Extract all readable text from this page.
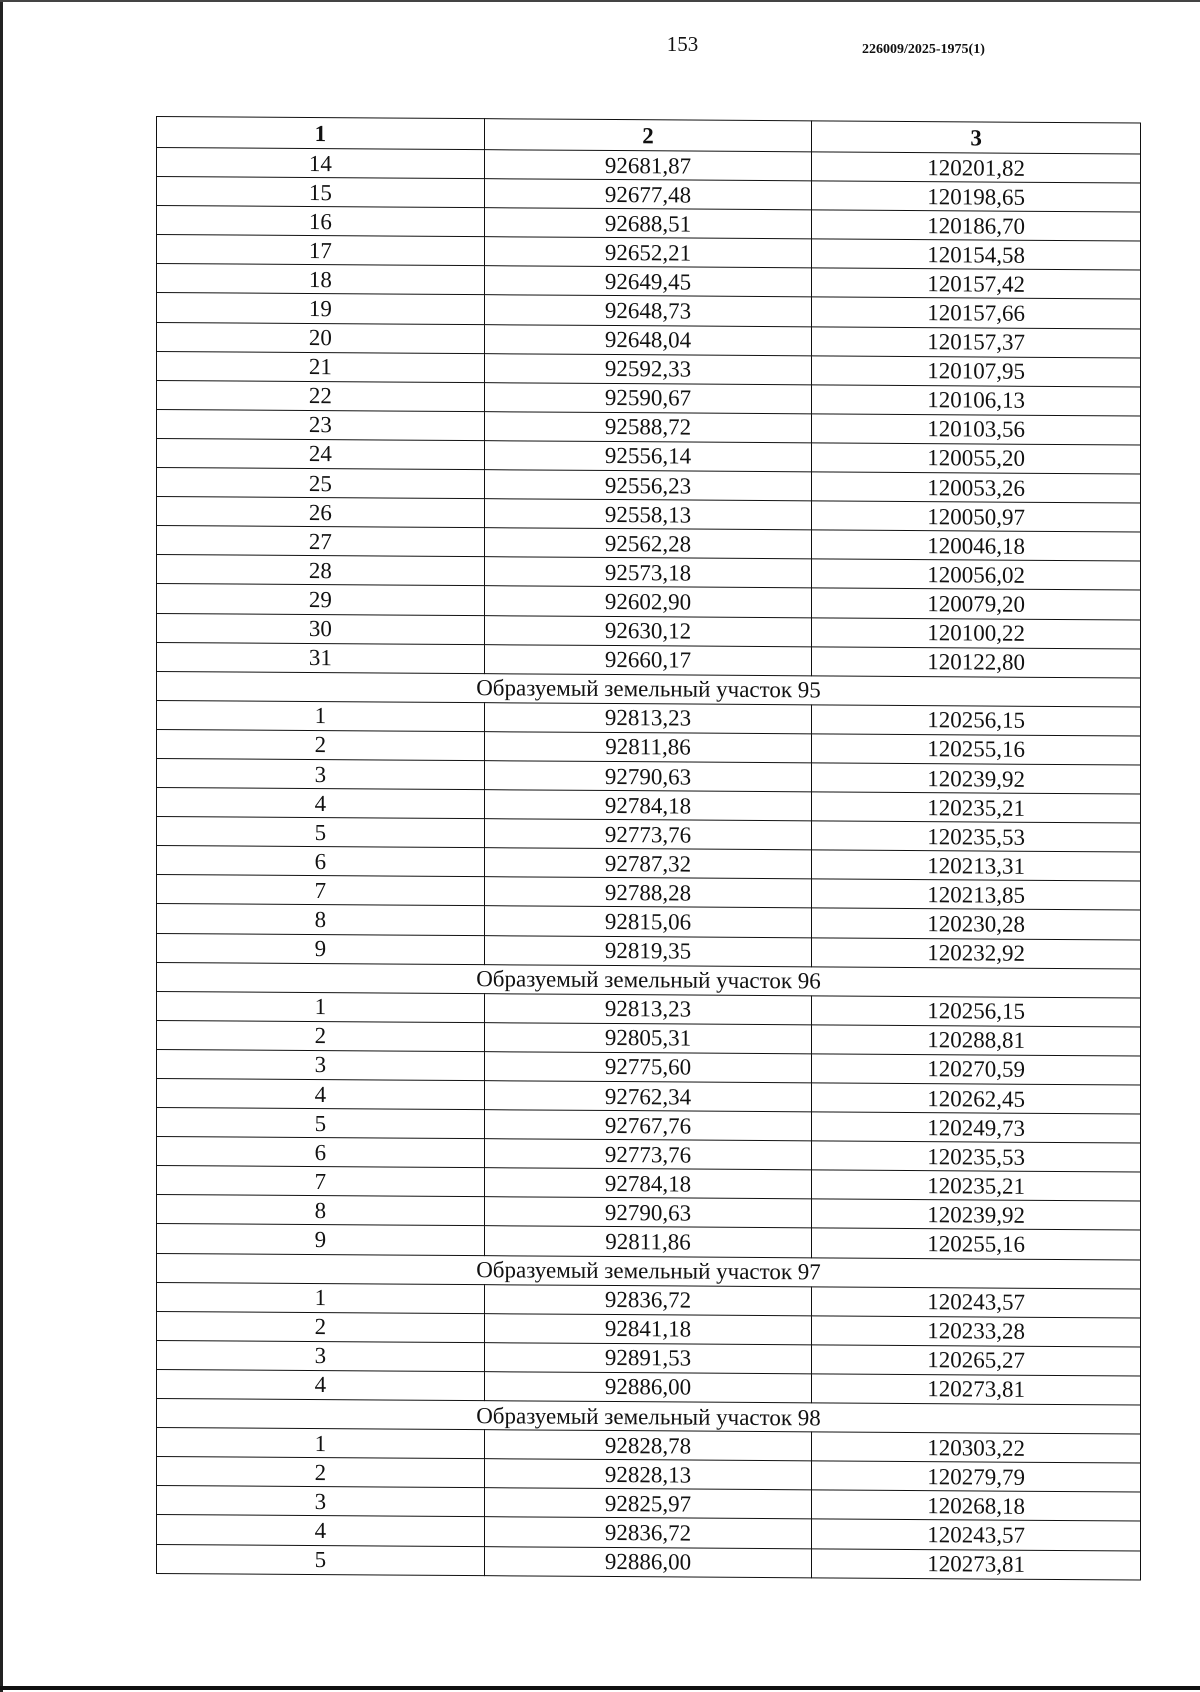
153	226009/2025-1975(1)
1	2	3
14	92681,87	120201,82
15	92677,48	120198,65
16	92688,51	120186,70
17	92652,21	120154,58
18	92649,45	120157,42
19	92648,73	120157,66
20	92648,04	120157,37
21	92592,33	120107,95
22	92590,67	120106,13
23	92588,72	120103,56
24	92556,14	120055,20
25	92556,23	120053,26
26	92558,13	120050,97
27	92562,28	120046,18
28	92573,18	120056,02
29	92602,90	120079,20
30	92630,12	120100,22
31	92660,17	120122,80
Образуемый земельный участок 95		
1	92813,23	120256,15
2	92811,86	120255,16
3	92790,63	120239,92
4	92784,18	120235,21
5	92773,76	120235,53
6	92787,32	120213,31
7	92788,28	120213,85
8	92815,06	120230,28
9	92819,35	120232,92
Образуемый земельный участок 96		
1	92813,23	120256,15
2	92805,31	120288,81
3	92775,60	120270,59
4	92762,34	120262,45
5	92767,76	120249,73
6	92773,76	120235,53
7	92784,18	120235,21
8	92790,63	120239,92
9	92811,86	120255,16
Образуемый земельный участок 97		
1	92836,72	120243,57
2	92841,18	120233,28
3	92891,53	120265,27
4	92886,00	120273,81
Образуемый земельный участок 98		
1	92828,78	120303,22
2	92828,13	120279,79
3	92825,97	120268,18
4	92836,72	120243,57
5	92886,00	120273,81
